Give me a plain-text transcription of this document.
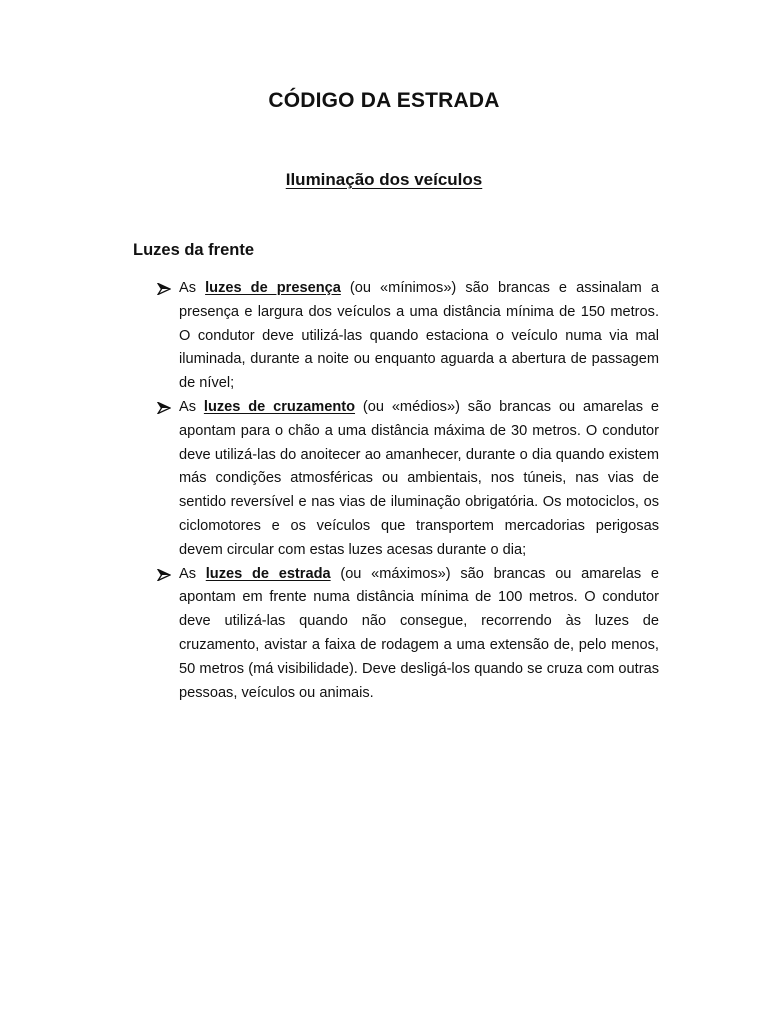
CÓDIGO DA ESTRADA
Iluminação dos veículos
Luzes da frente
As luzes de presença (ou «mínimos») são brancas e assinalam a presença e largura dos veículos a uma distância mínima de 150 metros. O condutor deve utilizá-las quando estaciona o veículo numa via mal iluminada, durante a noite ou enquanto aguarda a abertura de passagem de nível;
As luzes de cruzamento (ou «médios») são brancas ou amarelas e apontam para o chão a uma distância máxima de 30 metros. O condutor deve utilizá-las do anoitecer ao amanhecer, durante o dia quando existem más condições atmosféricas ou ambientais, nos túneis, nas vias de sentido reversível e nas vias de iluminação obrigatória. Os motociclos, os ciclomotores e os veículos que transportem mercadorias perigosas devem circular com estas luzes acesas durante o dia;
As luzes de estrada (ou «máximos») são brancas ou amarelas e apontam em frente numa distância mínima de 100 metros. O condutor deve utilizá-las quando não consegue, recorrendo às luzes de cruzamento, avistar a faixa de rodagem a uma extensão de, pelo menos, 50 metros (má visibilidade). Deve desligá-los quando se cruza com outras pessoas, veículos ou animais.
